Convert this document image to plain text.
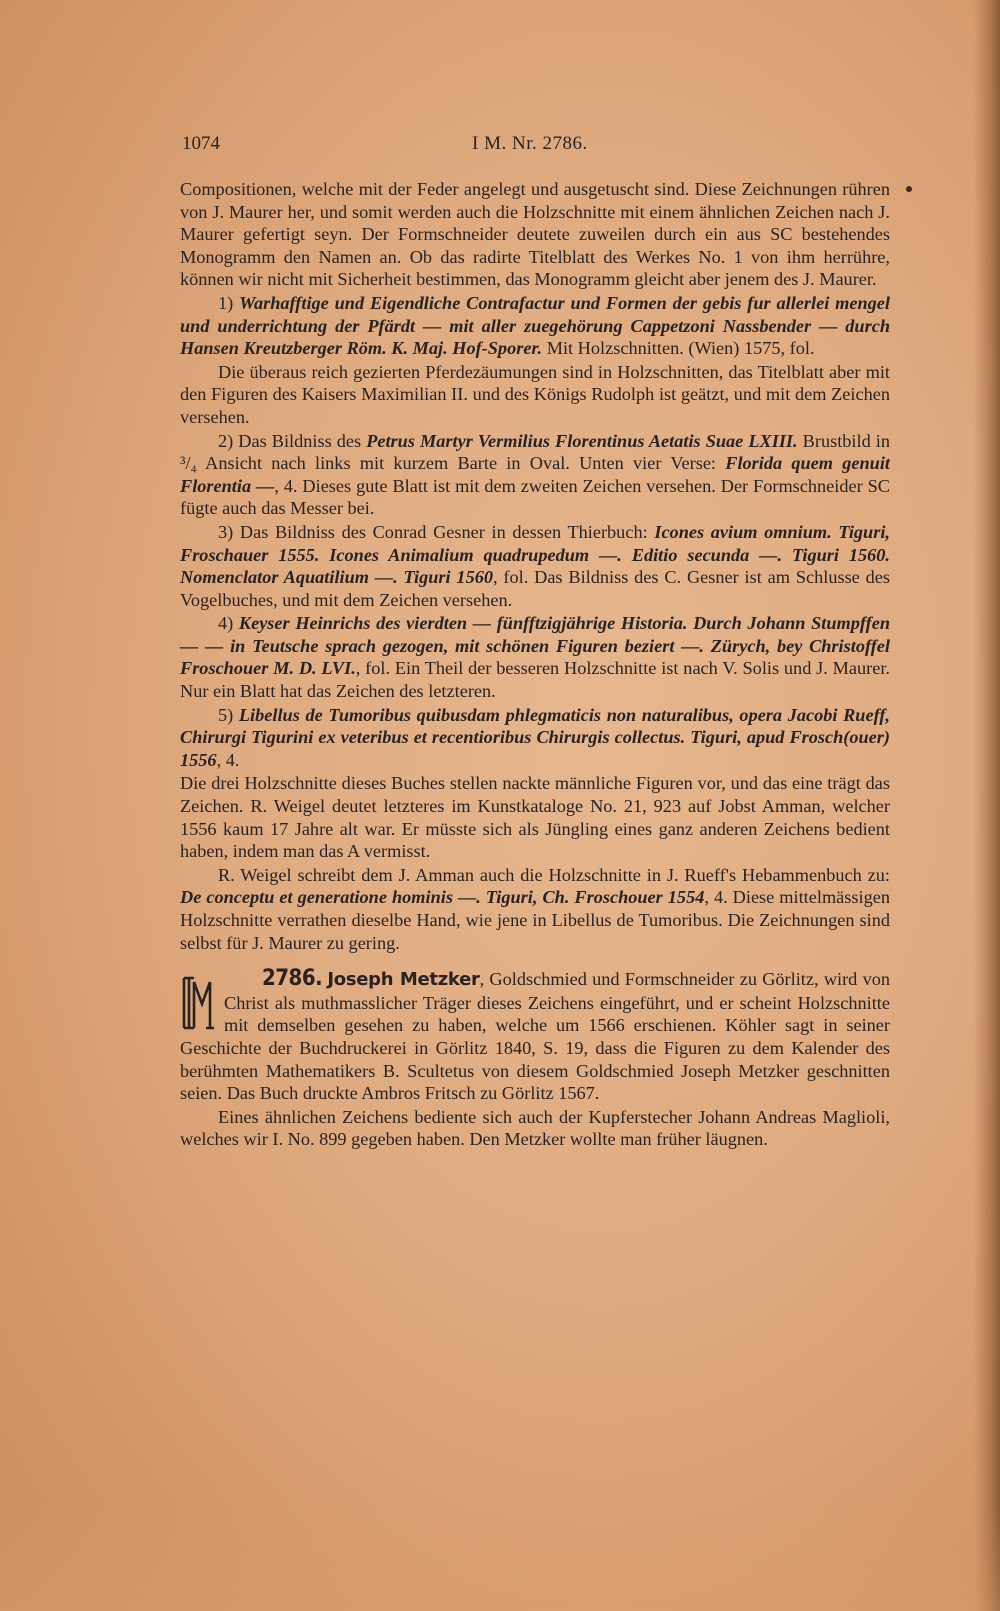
1074	I M. Nr. 2786.

Compositionen, welche mit der Feder angelegt und ausgetuscht sind. Diese Zeichnungen rühren von J. Maurer her, und somit werden auch die Holzschnitte mit einem ähnlichen Zeichen nach J. Maurer gefertigt seyn. Der Formschneider deutete zuweilen durch ein aus SC bestehendes Monogramm den Namen an. Ob das radirte Titelblatt des Werkes No. 1 von ihm herrühre, können wir nicht mit Sicherheit bestimmen, das Monogramm gleicht aber jenem des J. Maurer.

1) Warhafftige und Eigendliche Contrafactur und Formen der gebis fur allerlei mengel und underrichtung der Pfärdt — mit aller zuegehörung Cappetzoni Nassbender — durch Hansen Kreutzberger Röm. K. Maj. Hof-Sporer. Mit Holzschnitten. (Wien) 1575, fol.

Die überaus reich gezierten Pferdezäumungen sind in Holzschnitten, das Titelblatt aber mit den Figuren des Kaisers Maximilian II. und des Königs Rudolph ist geätzt, und mit dem Zeichen versehen.

2) Das Bildniss des Petrus Martyr Vermilius Florentinus Aetatis Suae LXIII. Brustbild in ³/₄ Ansicht nach links mit kurzem Barte in Oval. Unten vier Verse: Florida quem genuit Florentia —, 4. Dieses gute Blatt ist mit dem zweiten Zeichen versehen. Der Formschneider SC fügte auch das Messer bei.

3) Das Bildniss des Conrad Gesner in dessen Thierbuch: Icones avium omnium. Tiguri, Froschauer 1555. Icones Animalium quadrupedum —. Editio secunda —. Tiguri 1560. Nomenclator Aquatilium —. Tiguri 1560, fol. Das Bildniss des C. Gesner ist am Schlusse des Vogelbuches, und mit dem Zeichen versehen.

4) Keyser Heinrichs des vierdten — fünfftzigjährige Historia. Durch Johann Stumpffen — — in Teutsche sprach gezogen, mit schönen Figuren beziert —. Zürych, bey Christoffel Froschouer M. D. LVI., fol. Ein Theil der besseren Holzschnitte ist nach V. Solis und J. Maurer. Nur ein Blatt hat das Zeichen des letzteren.

5) Libellus de Tumoribus quibusdam phlegmaticis non naturalibus, opera Jacobi Rueff, Chirurgi Tigurini ex veteribus et recentioribus Chirurgis collectus. Tiguri, apud Frosch(ouer) 1556, 4.

Die drei Holzschnitte dieses Buches stellen nackte männliche Figuren vor, und das eine trägt das Zeichen. R. Weigel deutet letzteres im Kunstkataloge No. 21, 923 auf Jobst Amman, welcher 1556 kaum 17 Jahre alt war. Er müsste sich als Jüngling eines ganz anderen Zeichens bedient haben, indem man das A vermisst.

R. Weigel schreibt dem J. Amman auch die Holzschnitte in J. Rueff's Hebammenbuch zu: De conceptu et generatione hominis —. Tiguri, Ch. Froschouer 1554, 4. Diese mittelmässigen Holzschnitte verrathen dieselbe Hand, wie jene in Libellus de Tumoribus. Die Zeichnungen sind selbst für J. Maurer zu gering.

2786. Joseph Metzker
, Goldschmied und Formschneider zu Görlitz, wird von Christ als muthmasslicher Träger dieses Zeichens eingeführt, und er scheint Holzschnitte mit demselben gesehen zu haben, welche um 1566 erschienen. Köhler sagt in seiner Geschichte der Buchdruckerei in Görlitz 1840, S. 19, dass die Figuren zu dem Kalender des berühmten Mathematikers B. Scultetus von diesem Goldschmied Joseph Metzker geschnitten seien. Das Buch druckte Ambros Fritsch zu Görlitz 1567.

Eines ähnlichen Zeichens bediente sich auch der Kupferstecher Johann Andreas Maglioli, welches wir I. No. 899 gegeben haben. Den Metzker wollte man früher läugnen.
